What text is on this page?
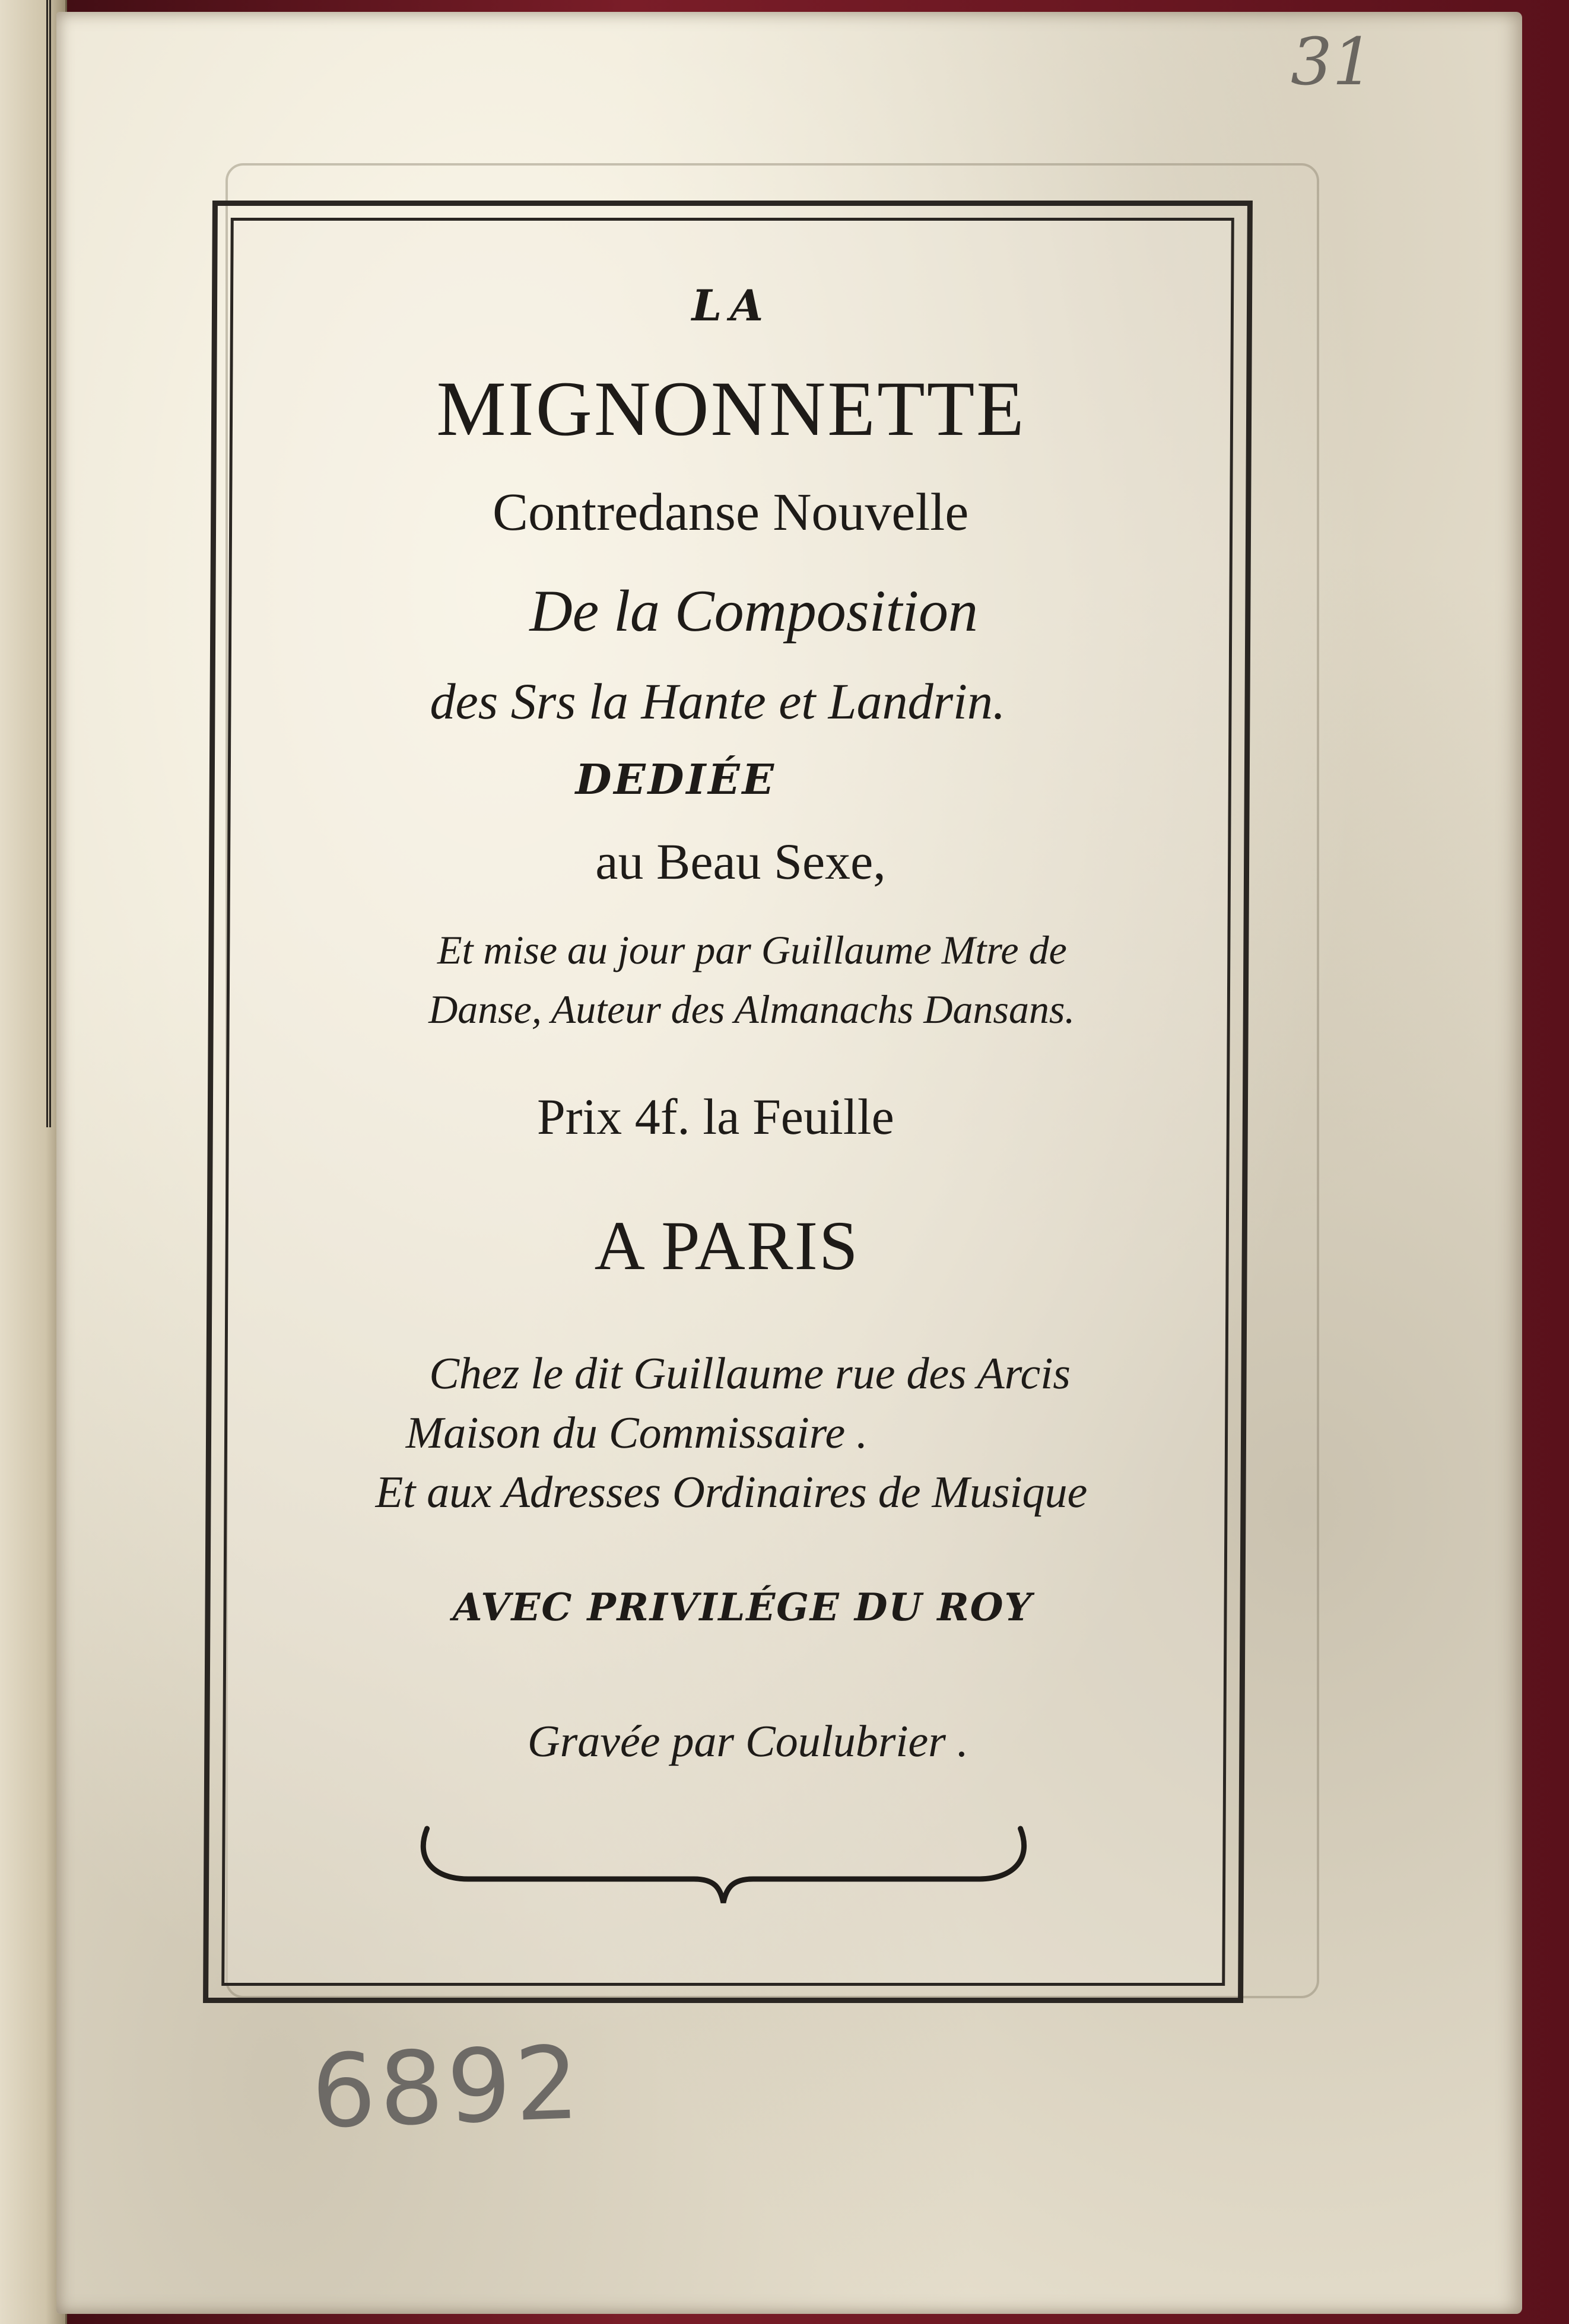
31
LA
MIGNONNETTE
Contredanse Nouvelle
De la Composition
des Srs la Hante et Landrin.
DEDIÉE
au Beau Sexe,
Et mise au jour par Guillaume Mtre de
Danse, Auteur des Almanachs Dansans.
Prix 4f. la Feuille
A PARIS
Chez le dit Guillaume rue des Arcis
Maison du Commissaire .
Et aux Adresses Ordinaires de Musique
AVEC PRIVILÉGE DU ROY
Gravée par Coulubrier .
6892
